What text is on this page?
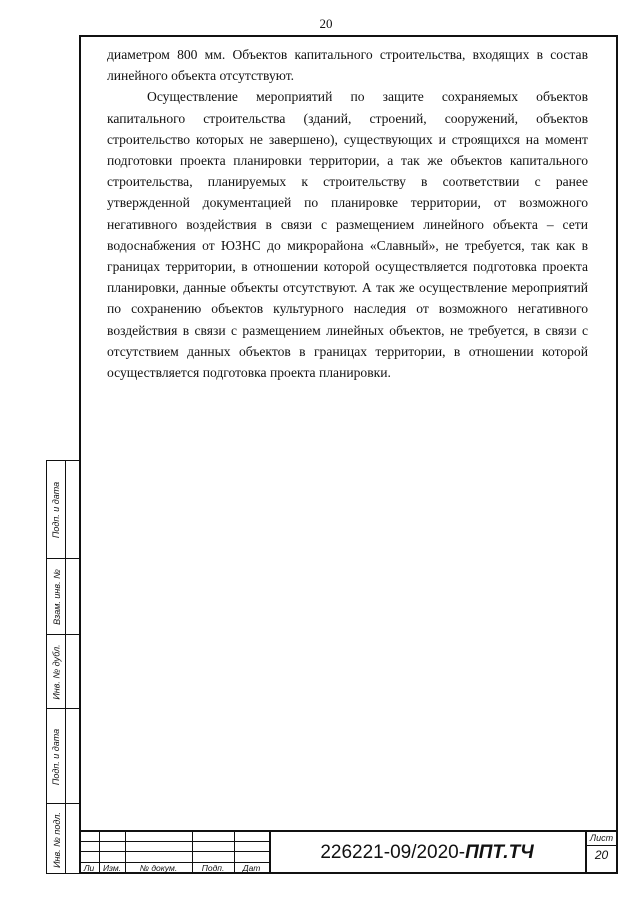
20

диаметром 800 мм. Объектов капитального строительства, входящих в состав линейного объекта отсутствуют.

Осуществление мероприятий по защите сохраняемых объектов капитального строительства (зданий, строений, сооружений, объектов строительство которых не завершено), существующих и строящихся на момент подготовки проекта планировки территории, а так же объектов капитального строительства, планируемых к строительству в соответствии с ранее утвержденной документацией по планировке территории, от возможного негативного воздействия в связи с размещением линейного объекта – сети водоснабжения от ЮЗНС до микрорайона «Славный», не требуется, так как в границах территории, в отношении которой осуществляется подготовка проекта планировки, данные объекты отсутствуют. А так же осуществление мероприятий по сохранению объектов культурного наследия от возможного негативного воздействия в связи с размещением линейных объектов, не требуется, в связи с отсутствием данных объектов в границах территории, в отношении которой осуществляется подготовка проекта планировки.

Подп. и дата
Взам. инв. №
Инв. № дубл.
Подп. и дата
Инв. № подл.
Ли	Изм.	№ докум.	Подп.	Дат
226221-09/2020- ППТ.ТЧ
Лист
20
